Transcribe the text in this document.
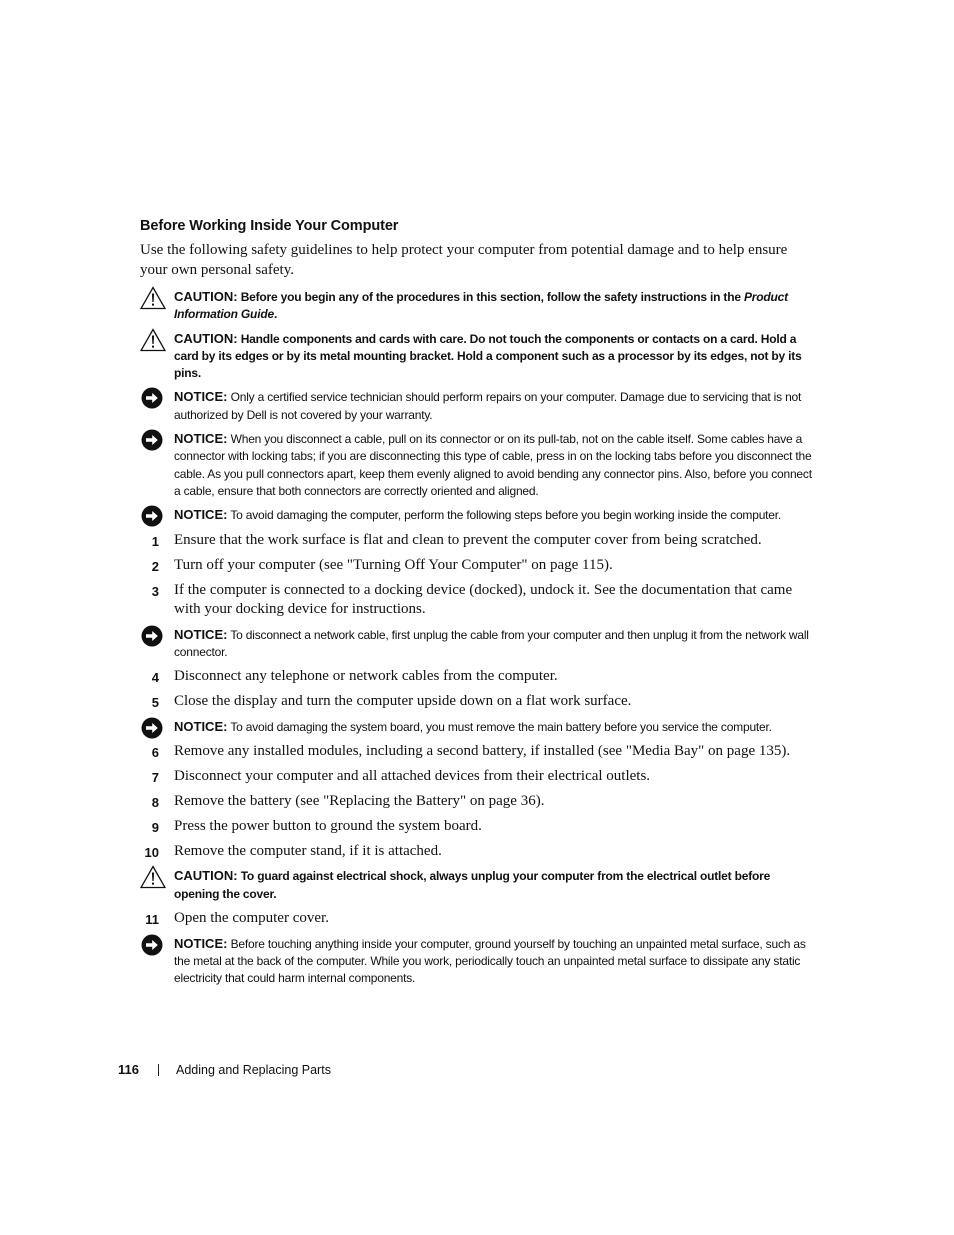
Before Working Inside Your Computer

Use the following safety guidelines to help protect your computer from potential damage and to help ensure your own personal safety.

CAUTION: Before you begin any of the procedures in this section, follow the safety instructions in the Product Information Guide.
CAUTION: Handle components and cards with care. Do not touch the components or contacts on a card. Hold a card by its edges or by its metal mounting bracket. Hold a component such as a processor by its edges, not by its pins.
NOTICE: Only a certified service technician should perform repairs on your computer. Damage due to servicing that is not authorized by Dell is not covered by your warranty.
NOTICE: When you disconnect a cable, pull on its connector or on its pull-tab, not on the cable itself. Some cables have a connector with locking tabs; if you are disconnecting this type of cable, press in on the locking tabs before you disconnect the cable. As you pull connectors apart, keep them evenly aligned to avoid bending any connector pins. Also, before you connect a cable, ensure that both connectors are correctly oriented and aligned.
NOTICE: To avoid damaging the computer, perform the following steps before you begin working inside the computer.
1 Ensure that the work surface is flat and clean to prevent the computer cover from being scratched.
2 Turn off your computer (see "Turning Off Your Computer" on page 115).
3 If the computer is connected to a docking device (docked), undock it. See the documentation that came with your docking device for instructions.
NOTICE: To disconnect a network cable, first unplug the cable from your computer and then unplug it from the network wall connector.
4 Disconnect any telephone or network cables from the computer.
5 Close the display and turn the computer upside down on a flat work surface.
NOTICE: To avoid damaging the system board, you must remove the main battery before you service the computer.
6 Remove any installed modules, including a second battery, if installed (see "Media Bay" on page 135).
7 Disconnect your computer and all attached devices from their electrical outlets.
8 Remove the battery (see "Replacing the Battery" on page 36).
9 Press the power button to ground the system board.
10 Remove the computer stand, if it is attached.
CAUTION: To guard against electrical shock, always unplug your computer from the electrical outlet before opening the cover.
11 Open the computer cover.
NOTICE: Before touching anything inside your computer, ground yourself by touching an unpainted metal surface, such as the metal at the back of the computer. While you work, periodically touch an unpainted metal surface to dissipate any static electricity that could harm internal components.
116	Adding and Replacing Parts
